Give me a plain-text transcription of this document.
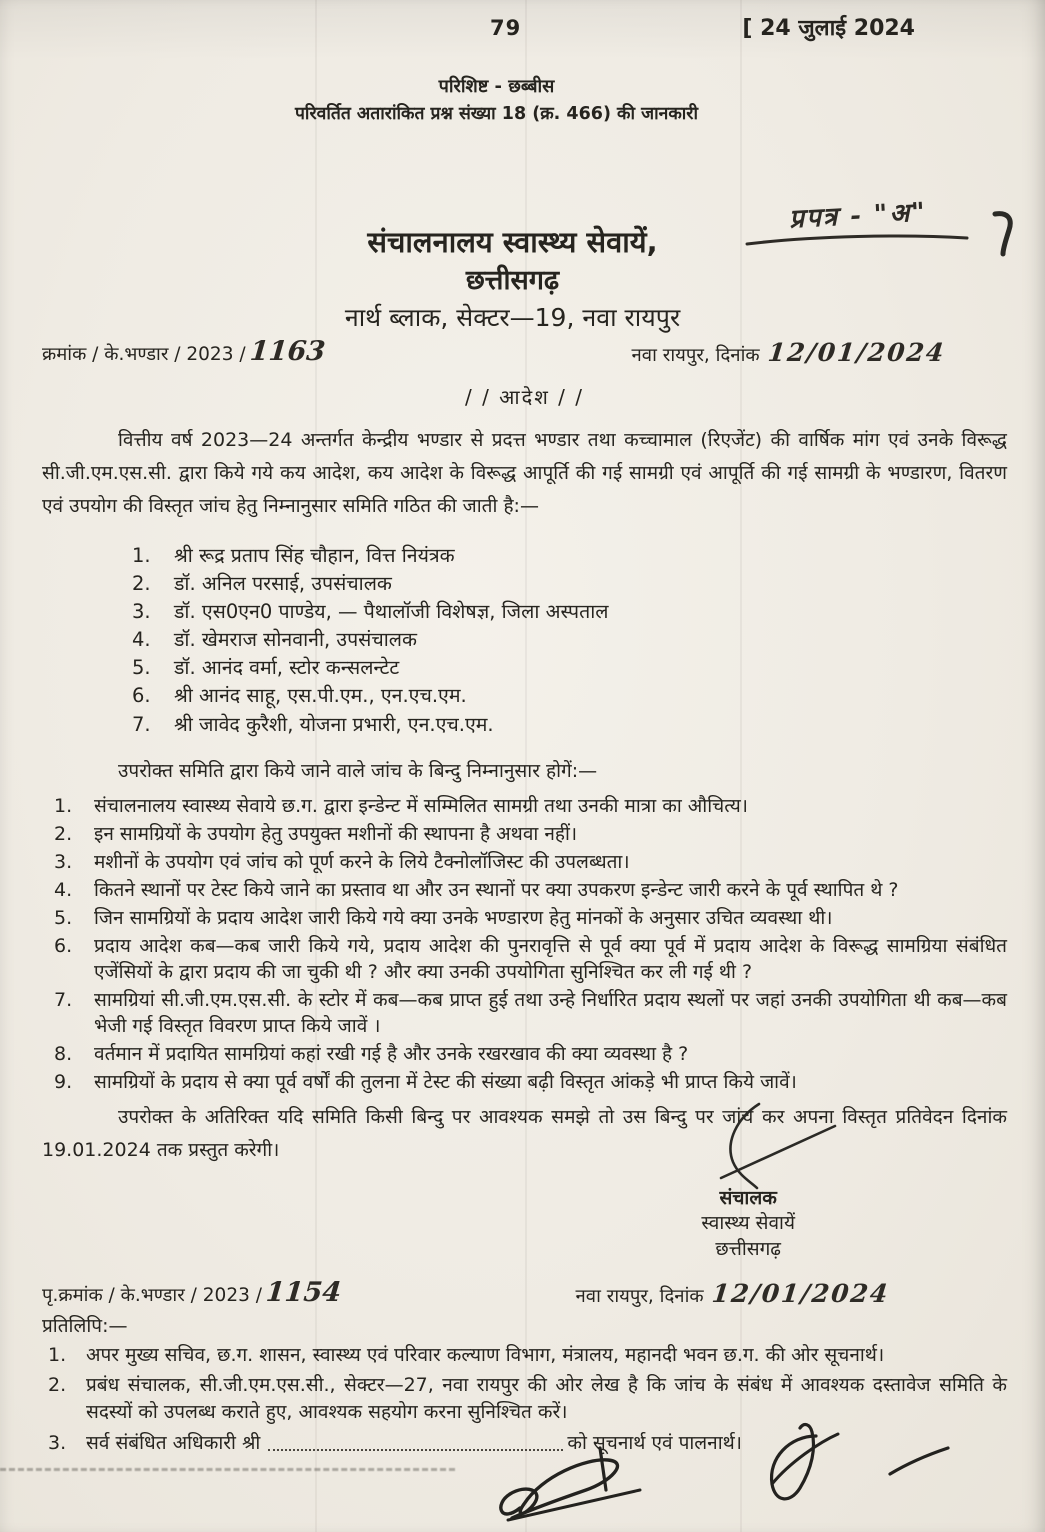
79	[ 24 जुलाई 2024
परिशिष्ट - छब्बीस
परिवर्तित अतारांकित प्रश्न संख्या 18 (क्र. 466) की जानकारी
संचालनालय स्वास्थ्य सेवायें,
छत्तीसगढ़
नार्थ ब्लाक, सेक्टर—19, नवा रायपुर
क्रमांक / के.भण्डार / 2023 /1163	नवा रायपुर, दिनांक 12/01/2024
/ / आदेश / /

वित्तीय वर्ष 2023—24 अन्तर्गत केन्द्रीय भण्डार से प्रदत्त भण्डार तथा कच्चामाल (रिएजेंट) की वार्षिक मांग एवं उनके विरूद्ध सी.जी.एम.एस.सी. द्वारा किये गये कय आदेश, कय आदेश के विरूद्ध आपूर्ति की गई सामग्री एवं आपूर्ति की गई सामग्री के भण्डारण, वितरण एवं उपयोग की विस्तृत जांच हेतु निम्नानुसार समिति गठित की जाती है:—

श्री रूद्र प्रताप सिंह चौहान, वित्त नियंत्रक
डॉ. अनिल परसाई, उपसंचालक
डॉ. एस0एन0 पाण्डेय, — पैथालॉजी विशेषज्ञ, जिला अस्पताल
डॉ. खेमराज सोनवानी, उपसंचालक
डॉ. आनंद वर्मा, स्टोर कन्सलन्टेट
श्री आनंद साहू, एस.पी.एम., एन.एच.एम.
श्री जावेद कुरैशी, योजना प्रभारी, एन.एच.एम.
उपरोक्त समिति द्वारा किये जाने वाले जांच के बिन्दु निम्नानुसार होगें:—
संचालनालय स्वास्थ्य सेवाये छ.ग. द्वारा इन्डेन्ट में सम्मिलित सामग्री तथा उनकी मात्रा का औचित्य।
इन सामग्रियों के उपयोग हेतु उपयुक्त मशीनों की स्थापना है अथवा नहीं।
मशीनों के उपयोग एवं जांच को पूर्ण करने के लिये टैक्नोलॉजिस्ट की उपलब्धता।
कितने स्थानों पर टेस्ट किये जाने का प्रस्ताव था और उन स्थानों पर क्या उपकरण इन्डेन्ट जारी करने के पूर्व स्थापित थे ?
जिन सामग्रियों के प्रदाय आदेश जारी किये गये क्या उनके भण्डारण हेतु मांनकों के अनुसार उचित व्यवस्था थी।
प्रदाय आदेश कब—कब जारी किये गये, प्रदाय आदेश की पुनरावृत्ति से पूर्व क्या पूर्व में प्रदाय आदेश के विरूद्ध सामग्रिया संबंधित एजेंसियों के द्वारा प्रदाय की जा चुकी थी ? और क्या उनकी उपयोगिता सुनिश्चित कर ली गई थी ?
सामग्रियां सी.जी.एम.एस.सी. के स्टोर में कब—कब प्राप्त हुई तथा उन्हे निर्धारित प्रदाय स्थलों पर जहां उनकी उपयोगिता थी कब—कब भेजी गई विस्तृत विवरण प्राप्त किये जावें ।
वर्तमान में प्रदायित सामग्रियां कहां रखी गई है और उनके रखरखाव की क्या व्यवस्था है ?
सामग्रियों के प्रदाय से क्या पूर्व वर्षों की तुलना में टेस्ट की संख्या बढ़ी विस्तृत आंकड़े भी प्राप्त किये जावें।

उपरोक्त के अतिरिक्त यदि समिति किसी बिन्दु पर आवश्यक समझे तो उस बिन्दु पर जांच कर अपना विस्तृत प्रतिवेदन दिनांक 19.01.2024 तक प्रस्तुत करेगी।

संचालक
स्वास्थ्य सेवायें
छत्तीसगढ़
पृ.क्रमांक / के.भण्डार / 2023 /1154	नवा रायपुर, दिनांक 12/01/2024
प्रतिलिपि:—
अपर मुख्य सचिव, छ.ग. शासन, स्वास्थ्य एवं परिवार कल्याण विभाग, मंत्रालय, महानदी भवन छ.ग. की ओर सूचनार्थ।
प्रबंध संचालक, सी.जी.एम.एस.सी., सेक्टर—27, नवा रायपुर की ओर लेख है कि जांच के संबंध में आवश्यक दस्तावेज समिति के सदस्यों को उपलब्ध कराते हुए, आवश्यक सहयोग करना सुनिश्चित करें।
सर्व संबंधित अधिकारी श्री	को सूचनार्थ एवं पालनार्थ।
प्रपत्र - "अ"
